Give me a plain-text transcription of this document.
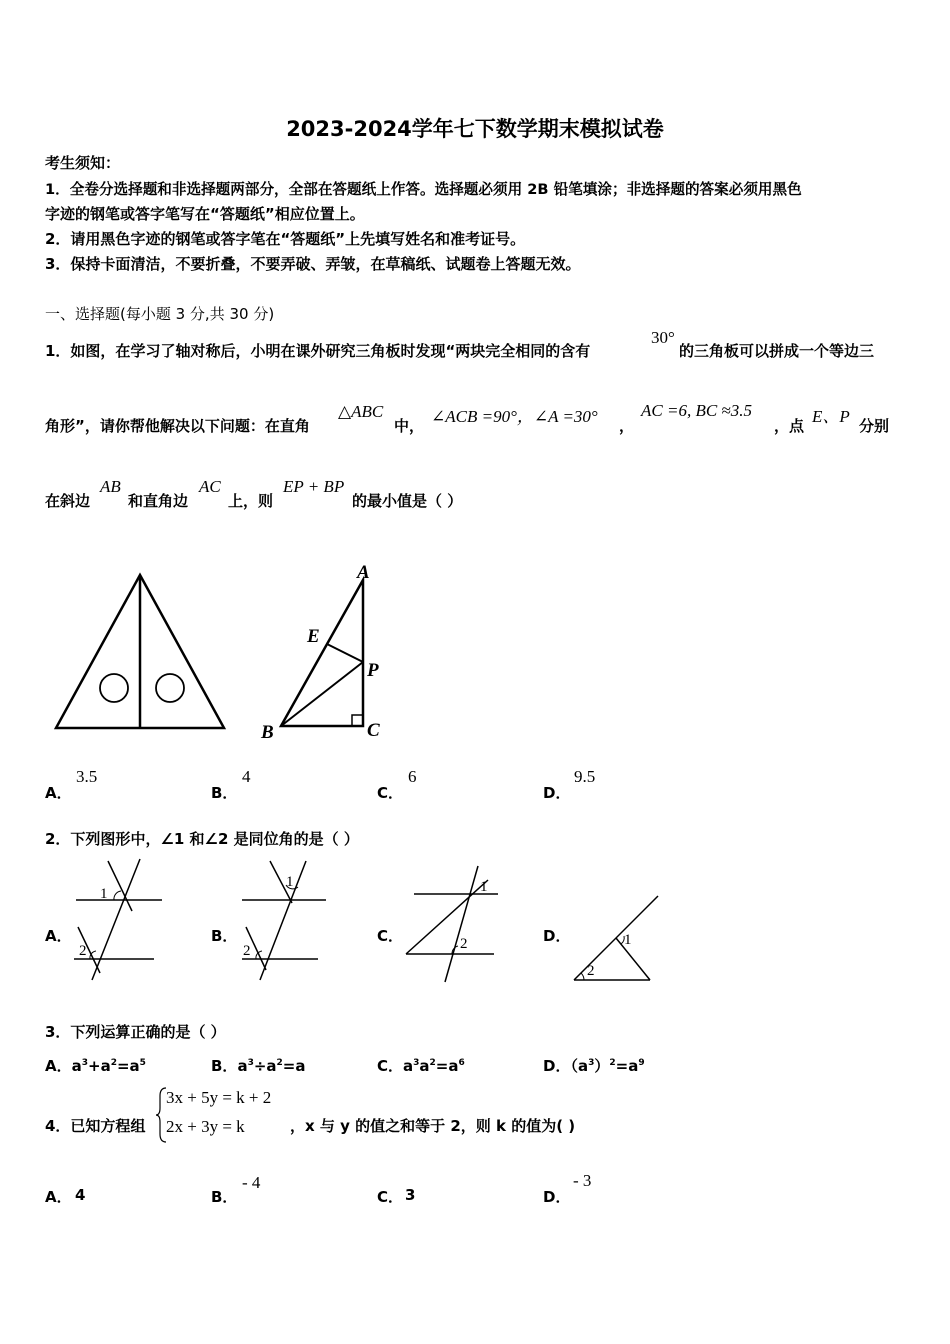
2023-2024学年七下数学期末模拟试卷
考生须知：
1．全卷分选择题和非选择题两部分，全部在答题纸上作答。选择题必须用 2B 铅笔填涂；非选择题的答案必须用黑色
字迹的钢笔或答字笔写在“答题纸”相应位置上。
2．请用黑色字迹的钢笔或答字笔在“答题纸”上先填写姓名和准考证号。
3．保持卡面清洁，不要折叠，不要弄破、弄皱，在草稿纸、试题卷上答题无效。
一、选择题(每小题 3 分,共 30 分)
1．如图，在学习了轴对称后，小明在课外研究三角板时发现“两块完全相同的含有
30°
的三角板可以拼成一个等边三
角形”，请你帮他解决以下问题：在直角
△ABC
中， ∠ACB =90°，∠A =30° ，
AC =6, BC ≈3.5
，点 E、P 分别
在斜边
AB
和直角边
AC
上，则
EP + BP
的最小值是（ ）
A
E
P
B	C
A．
3.5
B．
4
C．
6
D．
9.5
2．下列图形中，∠1 和∠2 是同位角的是（ ）
A．
1
2
B．
1
2
C．
1
2	D．	1
2
3．下列运算正确的是（ ）
A．$a^3+a^2=a^5$	B．$a^3\div a^2=a$	C．$a^3a^2=a^6$	D．$(a^3)^2=a^9$
4．已知方程组
3x + 5y = k + 2
2x + 3y = k	，x 与 y 的值之和等于 2，则 k 的值为( )
A． 4	B．
- 4
C． 3	D．
- 3
